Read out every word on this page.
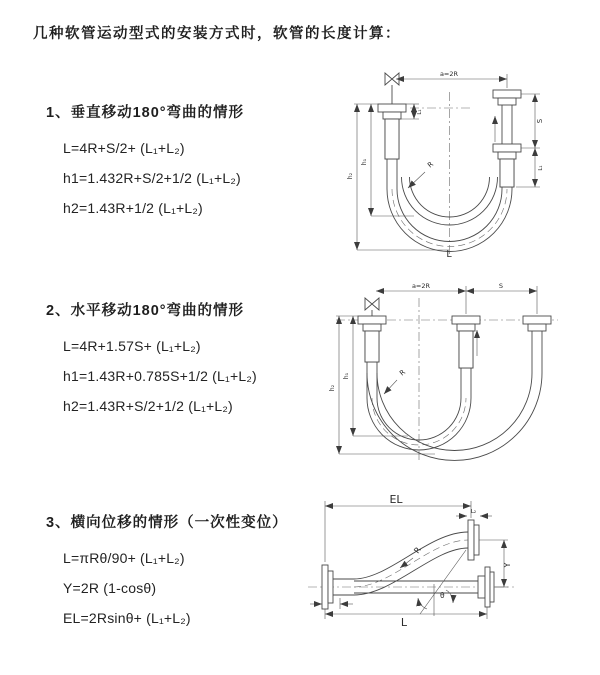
几种软管运动型式的安装方式时，软管的长度计算：
1、垂直移动180°弯曲的情形
L=4R+S/2+ (L₁+L₂)
h1=1.432R+S/2+1/2 (L₁+L₂)
h2=1.43R+1/2 (L₁+L₂)
a=2R
L₁
S
L₁
h₁
h₂
R
L
2、水平移动180°弯曲的情形
L=4R+1.57S+ (L₁+L₂)
h1=1.43R+0.785S+1/2 (L₁+L₂)
h2=1.43R+S/2+1/2 (L₁+L₂)
a=2R	S
h₁
h₂
R
3、横向位移的情形（一次性变位）
L=πRθ/90+ (L₁+L₂)
Y=2R (1-cosθ)
EL=2Rsinθ+ (L₁+L₂)
EL
L₂
Y
L
θ
R
